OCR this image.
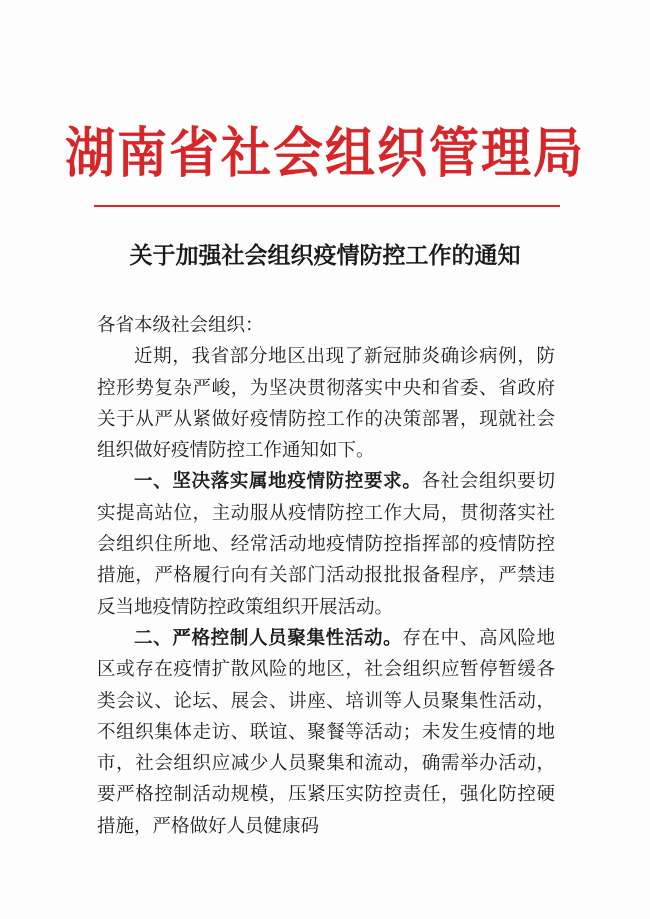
湖南省社会组织管理局
关于加强社会组织疫情防控工作的通知

各省本级社会组织：

近期，我省部分地区出现了新冠肺炎确诊病例，防控形势复杂严峻，为坚决贯彻落实中央和省委、省政府关于从严从紧做好疫情防控工作的决策部署，现就社会组织做好疫情防控工作通知如下。

一、坚决落实属地疫情防控要求。各社会组织要切实提高站位，主动服从疫情防控工作大局，贯彻落实社会组织住所地、经常活动地疫情防控指挥部的疫情防控措施，严格履行向有关部门活动报批报备程序，严禁违反当地疫情防控政策组织开展活动。

二、严格控制人员聚集性活动。存在中、高风险地区或存在疫情扩散风险的地区，社会组织应暂停暂缓各类会议、论坛、展会、讲座、培训等人员聚集性活动，不组织集体走访、联谊、聚餐等活动；未发生疫情的地市，社会组织应减少人员聚集和流动，确需举办活动，要严格控制活动规模，压紧压实防控责任，强化防控硬措施，严格做好人员健康码
